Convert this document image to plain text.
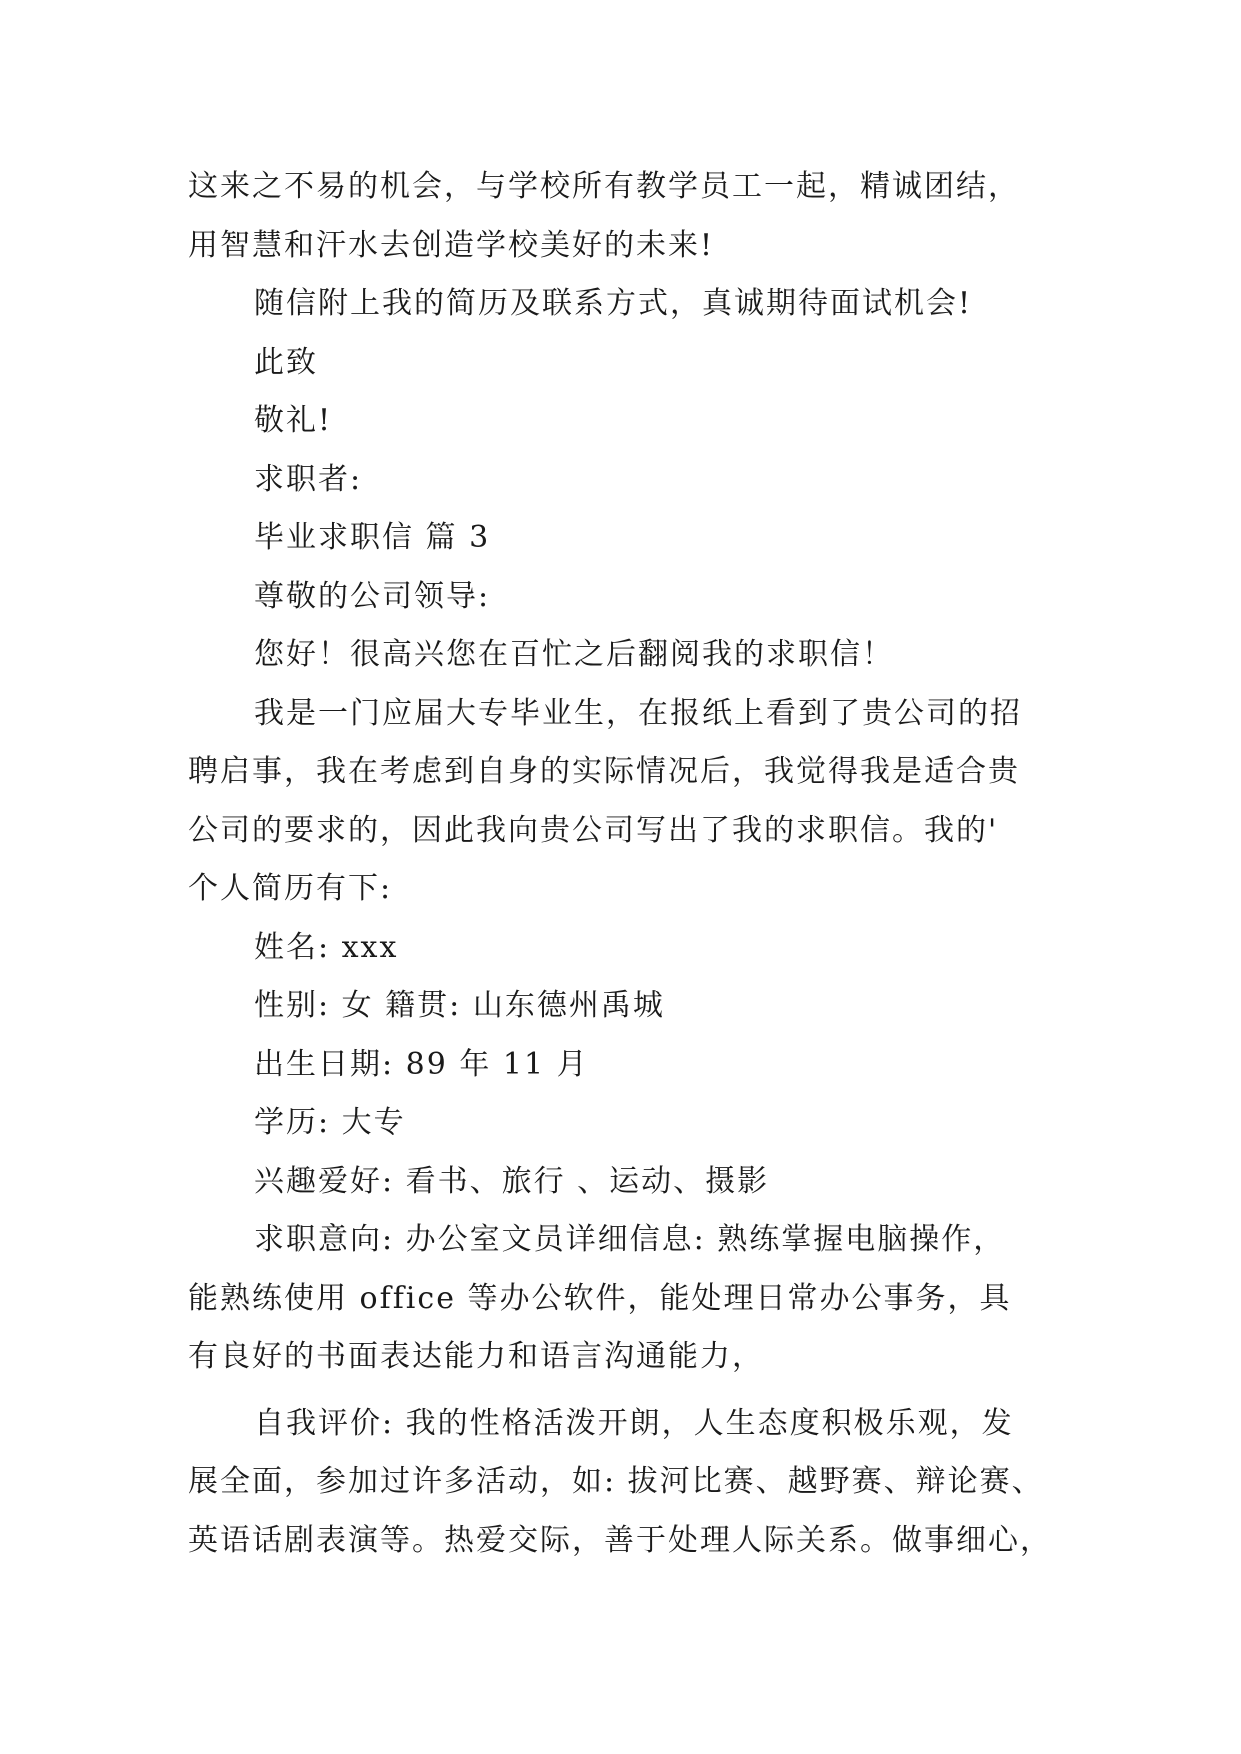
这来之不易的机会，与学校所有教学员工一起，精诚团结，
用智慧和汗水去创造学校美好的未来!

随信附上我的简历及联系方式，真诚期待面试机会!

此致

敬礼!

求职者:

毕业求职信 篇 3

尊敬的公司领导:

您好！很高兴您在百忙之后翻阅我的求职信！

我是一门应届大专毕业生，在报纸上看到了贵公司的招
聘启事，我在考虑到自身的实际情况后，我觉得我是适合贵
公司的要求的，因此我向贵公司写出了我的求职信。我的'
个人简历有下:

姓名: xxx

性别: 女 籍贯: 山东德州禹城

出生日期: 89 年 11 月

学历: 大专

兴趣爱好: 看书、旅行 、运动、摄影

求职意向: 办公室文员详细信息: 熟练掌握电脑操作，
能熟练使用 office 等办公软件，能处理日常办公事务，具
有良好的书面表达能力和语言沟通能力，

自我评价: 我的性格活泼开朗，人生态度积极乐观，发
展全面，参加过许多活动，如: 拔河比赛、越野赛、辩论赛、
英语话剧表演等。热爱交际，善于处理人际关系。做事细心，
